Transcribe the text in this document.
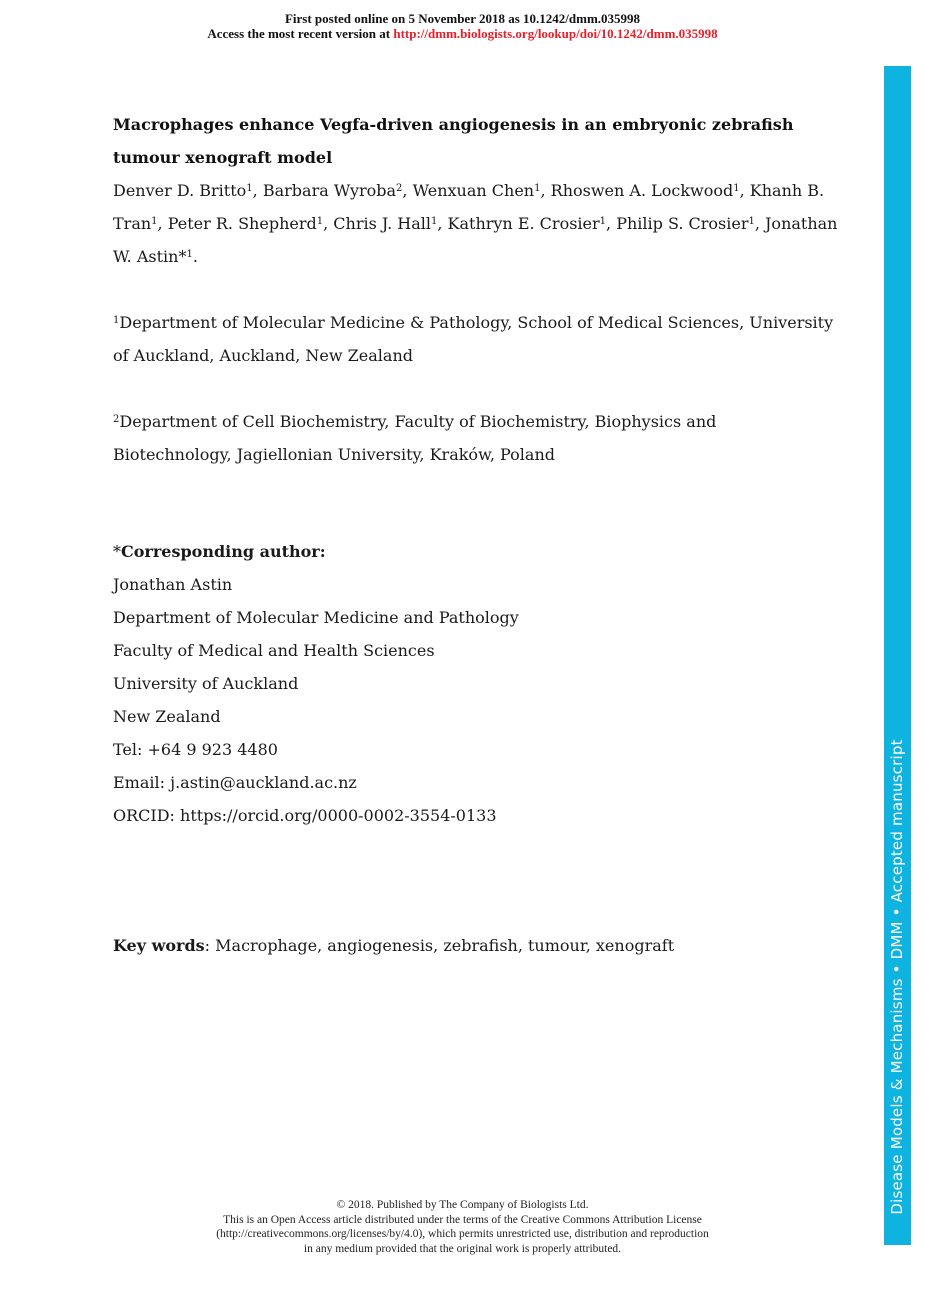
First posted online on 5 November 2018 as 10.1242/dmm.035998
Access the most recent version at http://dmm.biologists.org/lookup/doi/10.1242/dmm.035998
Disease Models & Mechanisms • DMM • Accepted manuscript

Macrophages enhance Vegfa-driven angiogenesis in an embryonic zebrafish
tumour xenograft model

Denver D. Britto$^1$, Barbara Wyroba$^2$, Wenxuan Chen$^1$, Rhoswen A. Lockwood$^1$, Khanh B.

Tran$^1$, Peter R. Shepherd$^1$, Chris J. Hall$^1$, Kathryn E. Crosier$^1$, Philip S. Crosier$^1$, Jonathan

W. Astin*$^1$.

$^1$Department of Molecular Medicine & Pathology, School of Medical Sciences, University

of Auckland, Auckland, New Zealand

$^2$Department of Cell Biochemistry, Faculty of Biochemistry, Biophysics and

Biotechnology, Jagiellonian University, Kraków, Poland

*Corresponding author:

Jonathan Astin

Department of Molecular Medicine and Pathology

Faculty of Medical and Health Sciences

University of Auckland

New Zealand

Tel: +64 9 923 4480

Email: j.astin@auckland.ac.nz

ORCID: https://orcid.org/0000-0002-3554-0133

Key words: Macrophage, angiogenesis, zebrafish, tumour, xenograft
© 2018. Published by The Company of Biologists Ltd.
This is an Open Access article distributed under the terms of the Creative Commons Attribution License
(http://creativecommons.org/licenses/by/4.0), which permits unrestricted use, distribution and reproduction
in any medium provided that the original work is properly attributed.
